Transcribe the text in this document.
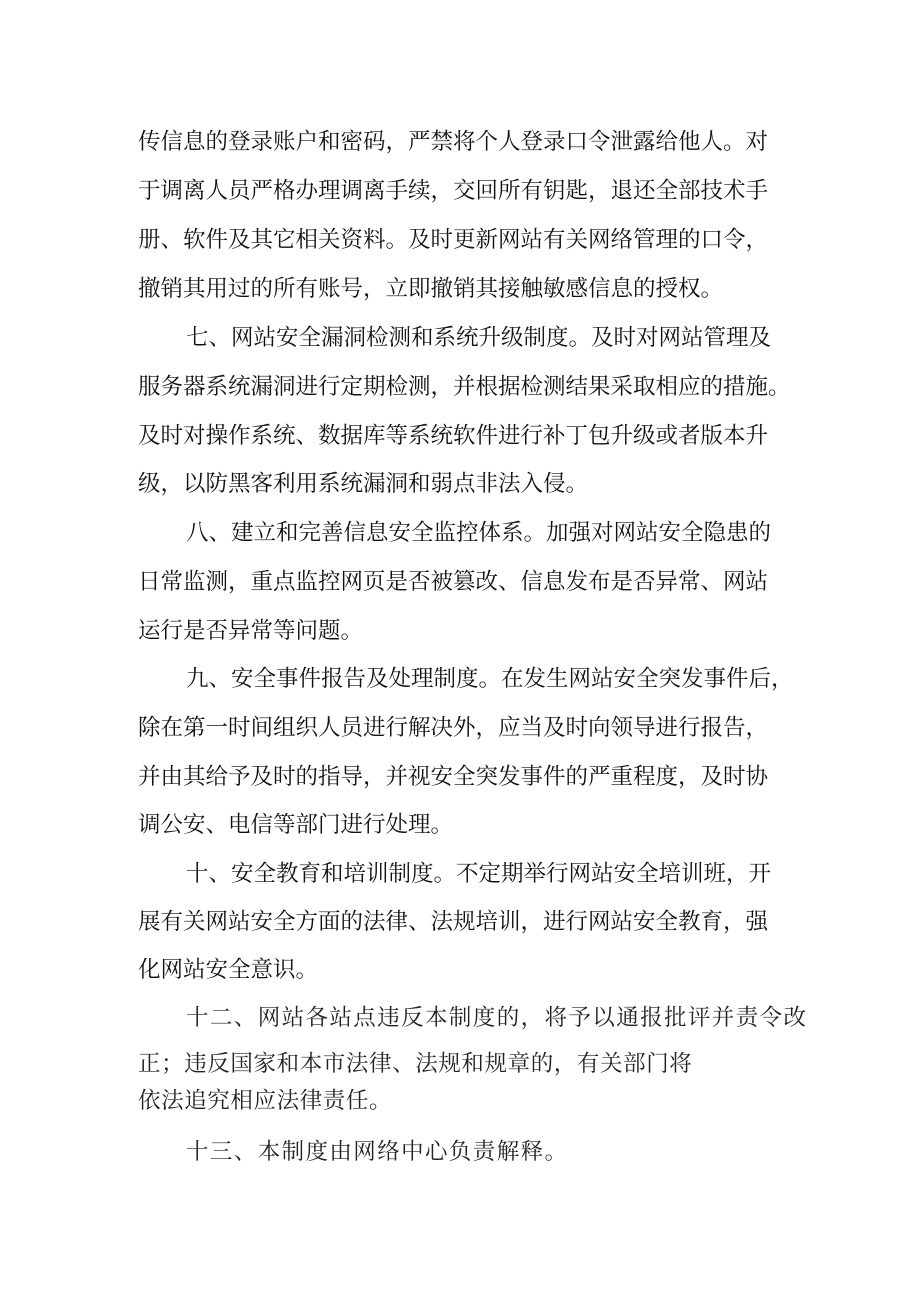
传信息的登录账户和密码，严禁将个人登录口令泄露给他人。对
于调离人员严格办理调离手续，交回所有钥匙，退还全部技术手
册、软件及其它相关资料。及时更新网站有关网络管理的口令，
撤销其用过的所有账号，立即撤销其接触敏感信息的授权。
七、网站安全漏洞检测和系统升级制度。及时对网站管理及
服务器系统漏洞进行定期检测，并根据检测结果采取相应的措施。
及时对操作系统、数据库等系统软件进行补丁包升级或者版本升
级，以防黑客利用系统漏洞和弱点非法入侵。
八、建立和完善信息安全监控体系。加强对网站安全隐患的
日常监测，重点监控网页是否被篡改、信息发布是否异常、网站
运行是否异常等问题。
九、安全事件报告及处理制度。在发生网站安全突发事件后，
除在第一时间组织人员进行解决外，应当及时向领导进行报告，
并由其给予及时的指导，并视安全突发事件的严重程度，及时协
调公安、电信等部门进行处理。
十、安全教育和培训制度。不定期举行网站安全培训班，开
展有关网站安全方面的法律、法规培训，进行网站安全教育，强
化网站安全意识。
十二、网站各站点违反本制度的，将予以通报批评并责令改
正；违反国家和本市法律、法规和规章的，有关部门将
依法追究相应法律责任。
十三、本制度由网络中心负责解释。
